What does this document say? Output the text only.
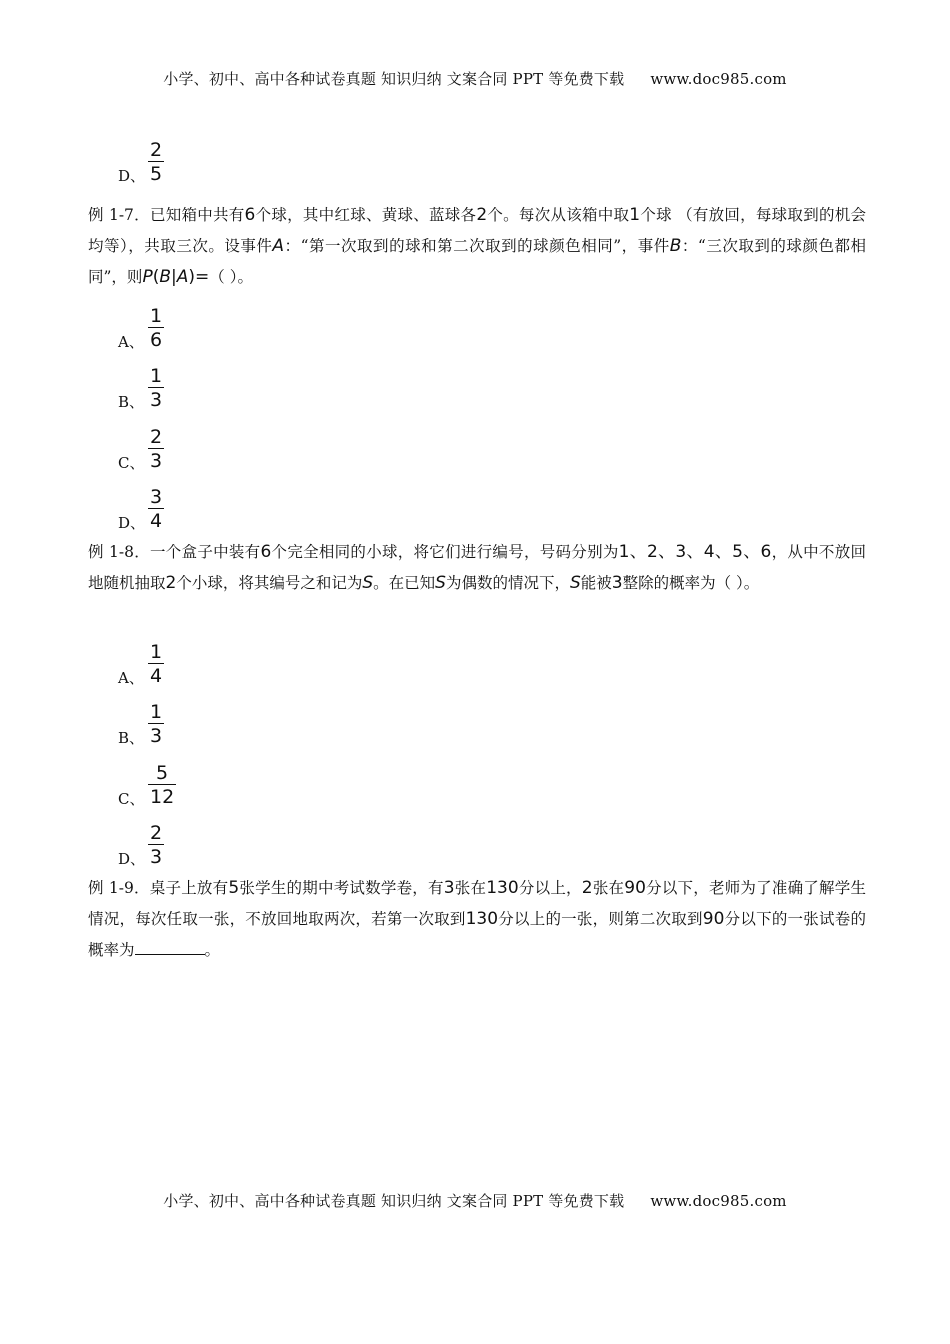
小学、初中、高中各种试卷真题 知识归纳 文案合同 PPT 等免费下载 www.doc985.com
D、 $\frac{2}{5}$
例 1-7．已知箱中共有6个球，其中红球、黄球、蓝球各2个。每次从该箱中取1个球 （有放回，每球取到的机会均等），共取三次。设事件A：“第一次取到的球和第二次取到的球颜色相同”，事件B：“三次取到的球颜色都相同”，则P(B|A)=（ ）。
A、 $\frac{1}{6}$
B、 $\frac{1}{3}$
C、 $\frac{2}{3}$
D、 $\frac{3}{4}$
例 1-8．一个盒子中装有6个完全相同的小球，将它们进行编号，号码分别为1、2、3、4、5、6，从中不放回地随机抽取2个小球，将其编号之和记为S。在已知S为偶数的情况下，S能被3整除的概率为（ ）。
A、 $\frac{1}{4}$
B、 $\frac{1}{3}$
C、 $\frac{5}{12}$
D、 $\frac{2}{3}$
例 1-9．桌子上放有5张学生的期中考试数学卷，有3张在130分以上，2张在90分以下，老师为了准确了解学生情况，每次任取一张，不放回地取两次，若第一次取到130分以上的一张，则第二次取到90分以下的一张试卷的概率为	。
小学、初中、高中各种试卷真题 知识归纳 文案合同 PPT 等免费下载 www.doc985.com
